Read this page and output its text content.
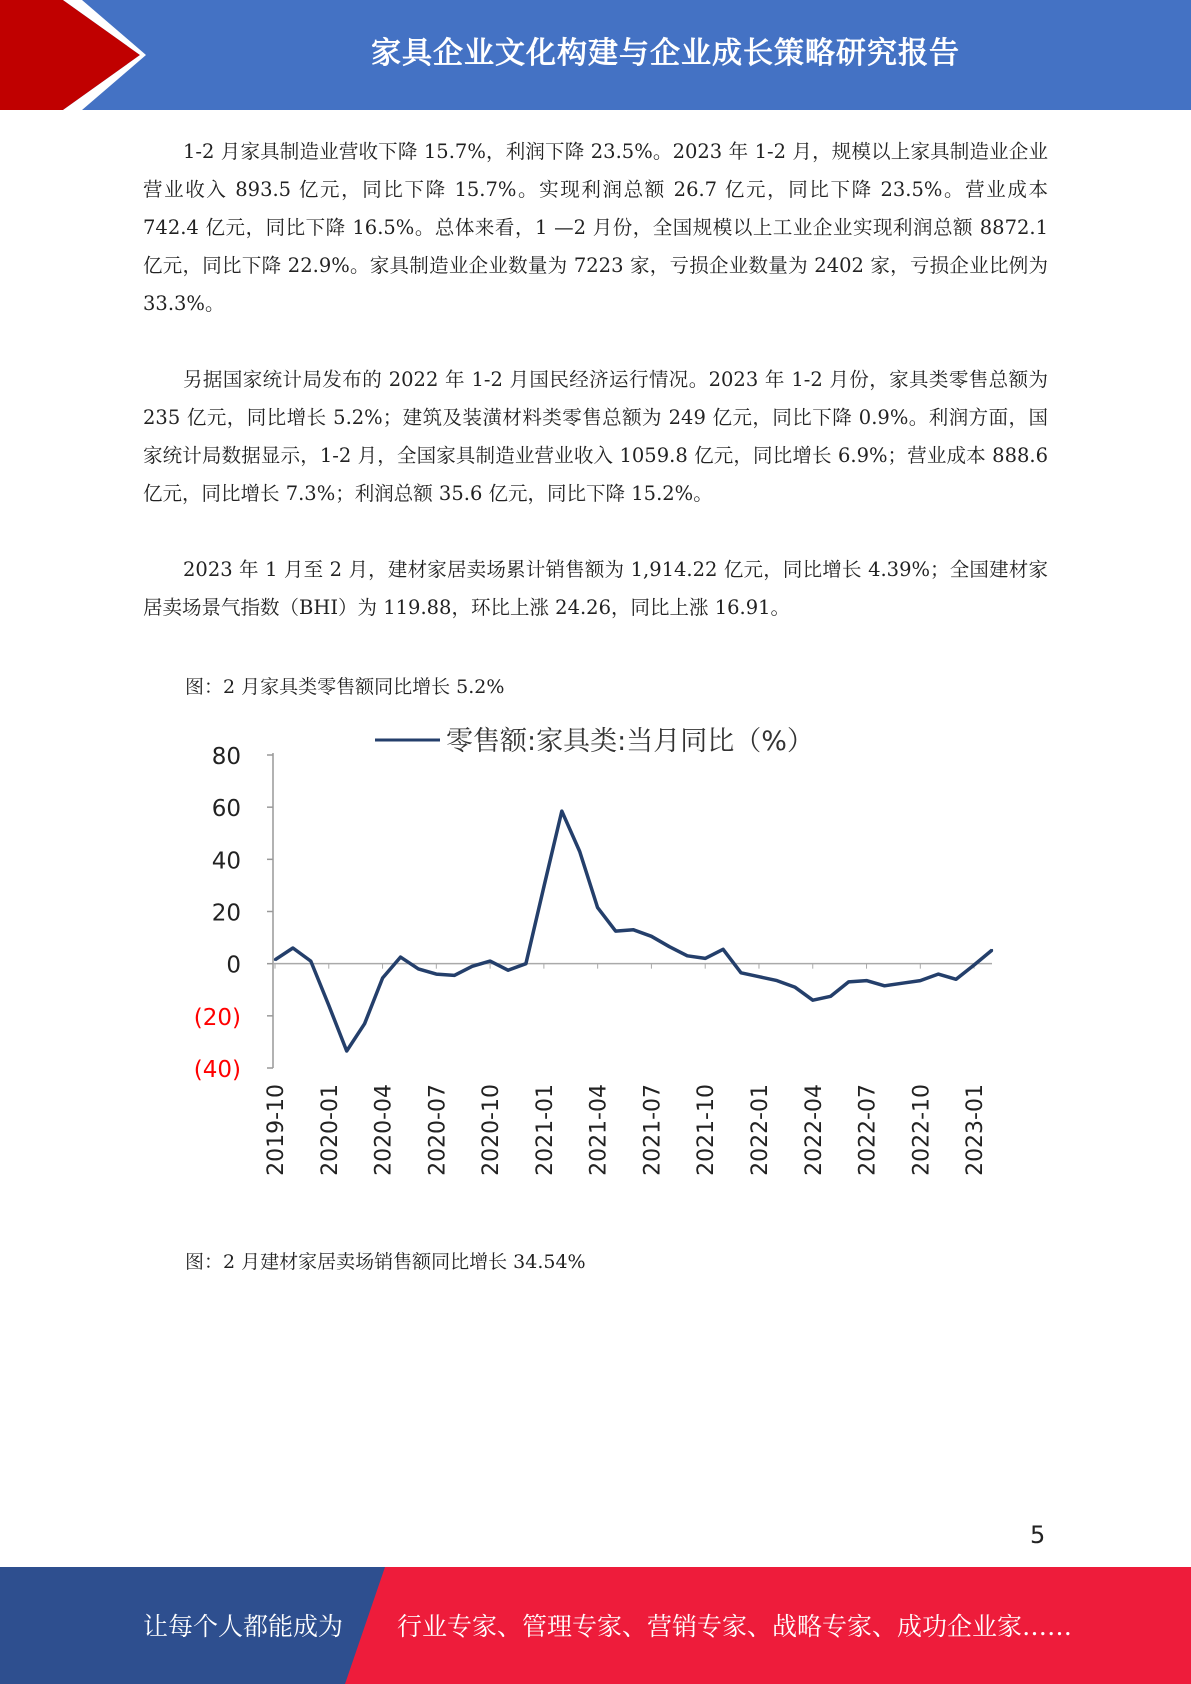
家具企业文化构建与企业成长策略研究报告

1-2 月家具制造业营收下降 15.7%，利润下降 23.5%。2023 年 1-2 月，规模以上家具制造业企业营业收入 893.5 亿元，同比下降 15.7%。实现利润总额 26.7 亿元，同比下降 23.5%。营业成本 742.4 亿元，同比下降 16.5%。总体来看，1 —2 月份，全国规模以上工业企业实现利润总额 8872.1 亿元，同比下降 22.9%。家具制造业企业数量为 7223 家，亏损企业数量为 2402 家，亏损企业比例为 33.3%。

另据国家统计局发布的 2022 年 1-2 月国民经济运行情况。2023 年 1-2 月份，家具类零售总额为 235 亿元，同比增长 5.2%；建筑及装潢材料类零售总额为 249 亿元，同比下降 0.9%。利润方面，国家统计局数据显示，1-2 月，全国家具制造业营业收入 1059.8 亿元，同比增长 6.9%；营业成本 888.6 亿元，同比增长 7.3%；利润总额 35.6 亿元，同比下降 15.2%。

2023 年 1 月至 2 月，建材家居卖场累计销售额为 1,914.22 亿元，同比增长 4.39%；全国建材家居卖场景气指数（BHI）为 119.88，环比上涨 24.26，同比上涨 16.91。

图：2 月家具类零售额同比增长 5.2%

零售额:家具类:当月同比（%）
80
60
40
20
0
(20)
(40)
2019-10 2020-01 2020-04 2020-07 2020-10 2021-01 2021-04 2021-07 2021-10 2022-01 2022-04 2022-07 2022-10 2023-01

图：2 月建材家居卖场销售额同比增长 34.54%

5
让每个人都能成为 行业专家、管理专家、营销专家、战略专家、成功企业家……
